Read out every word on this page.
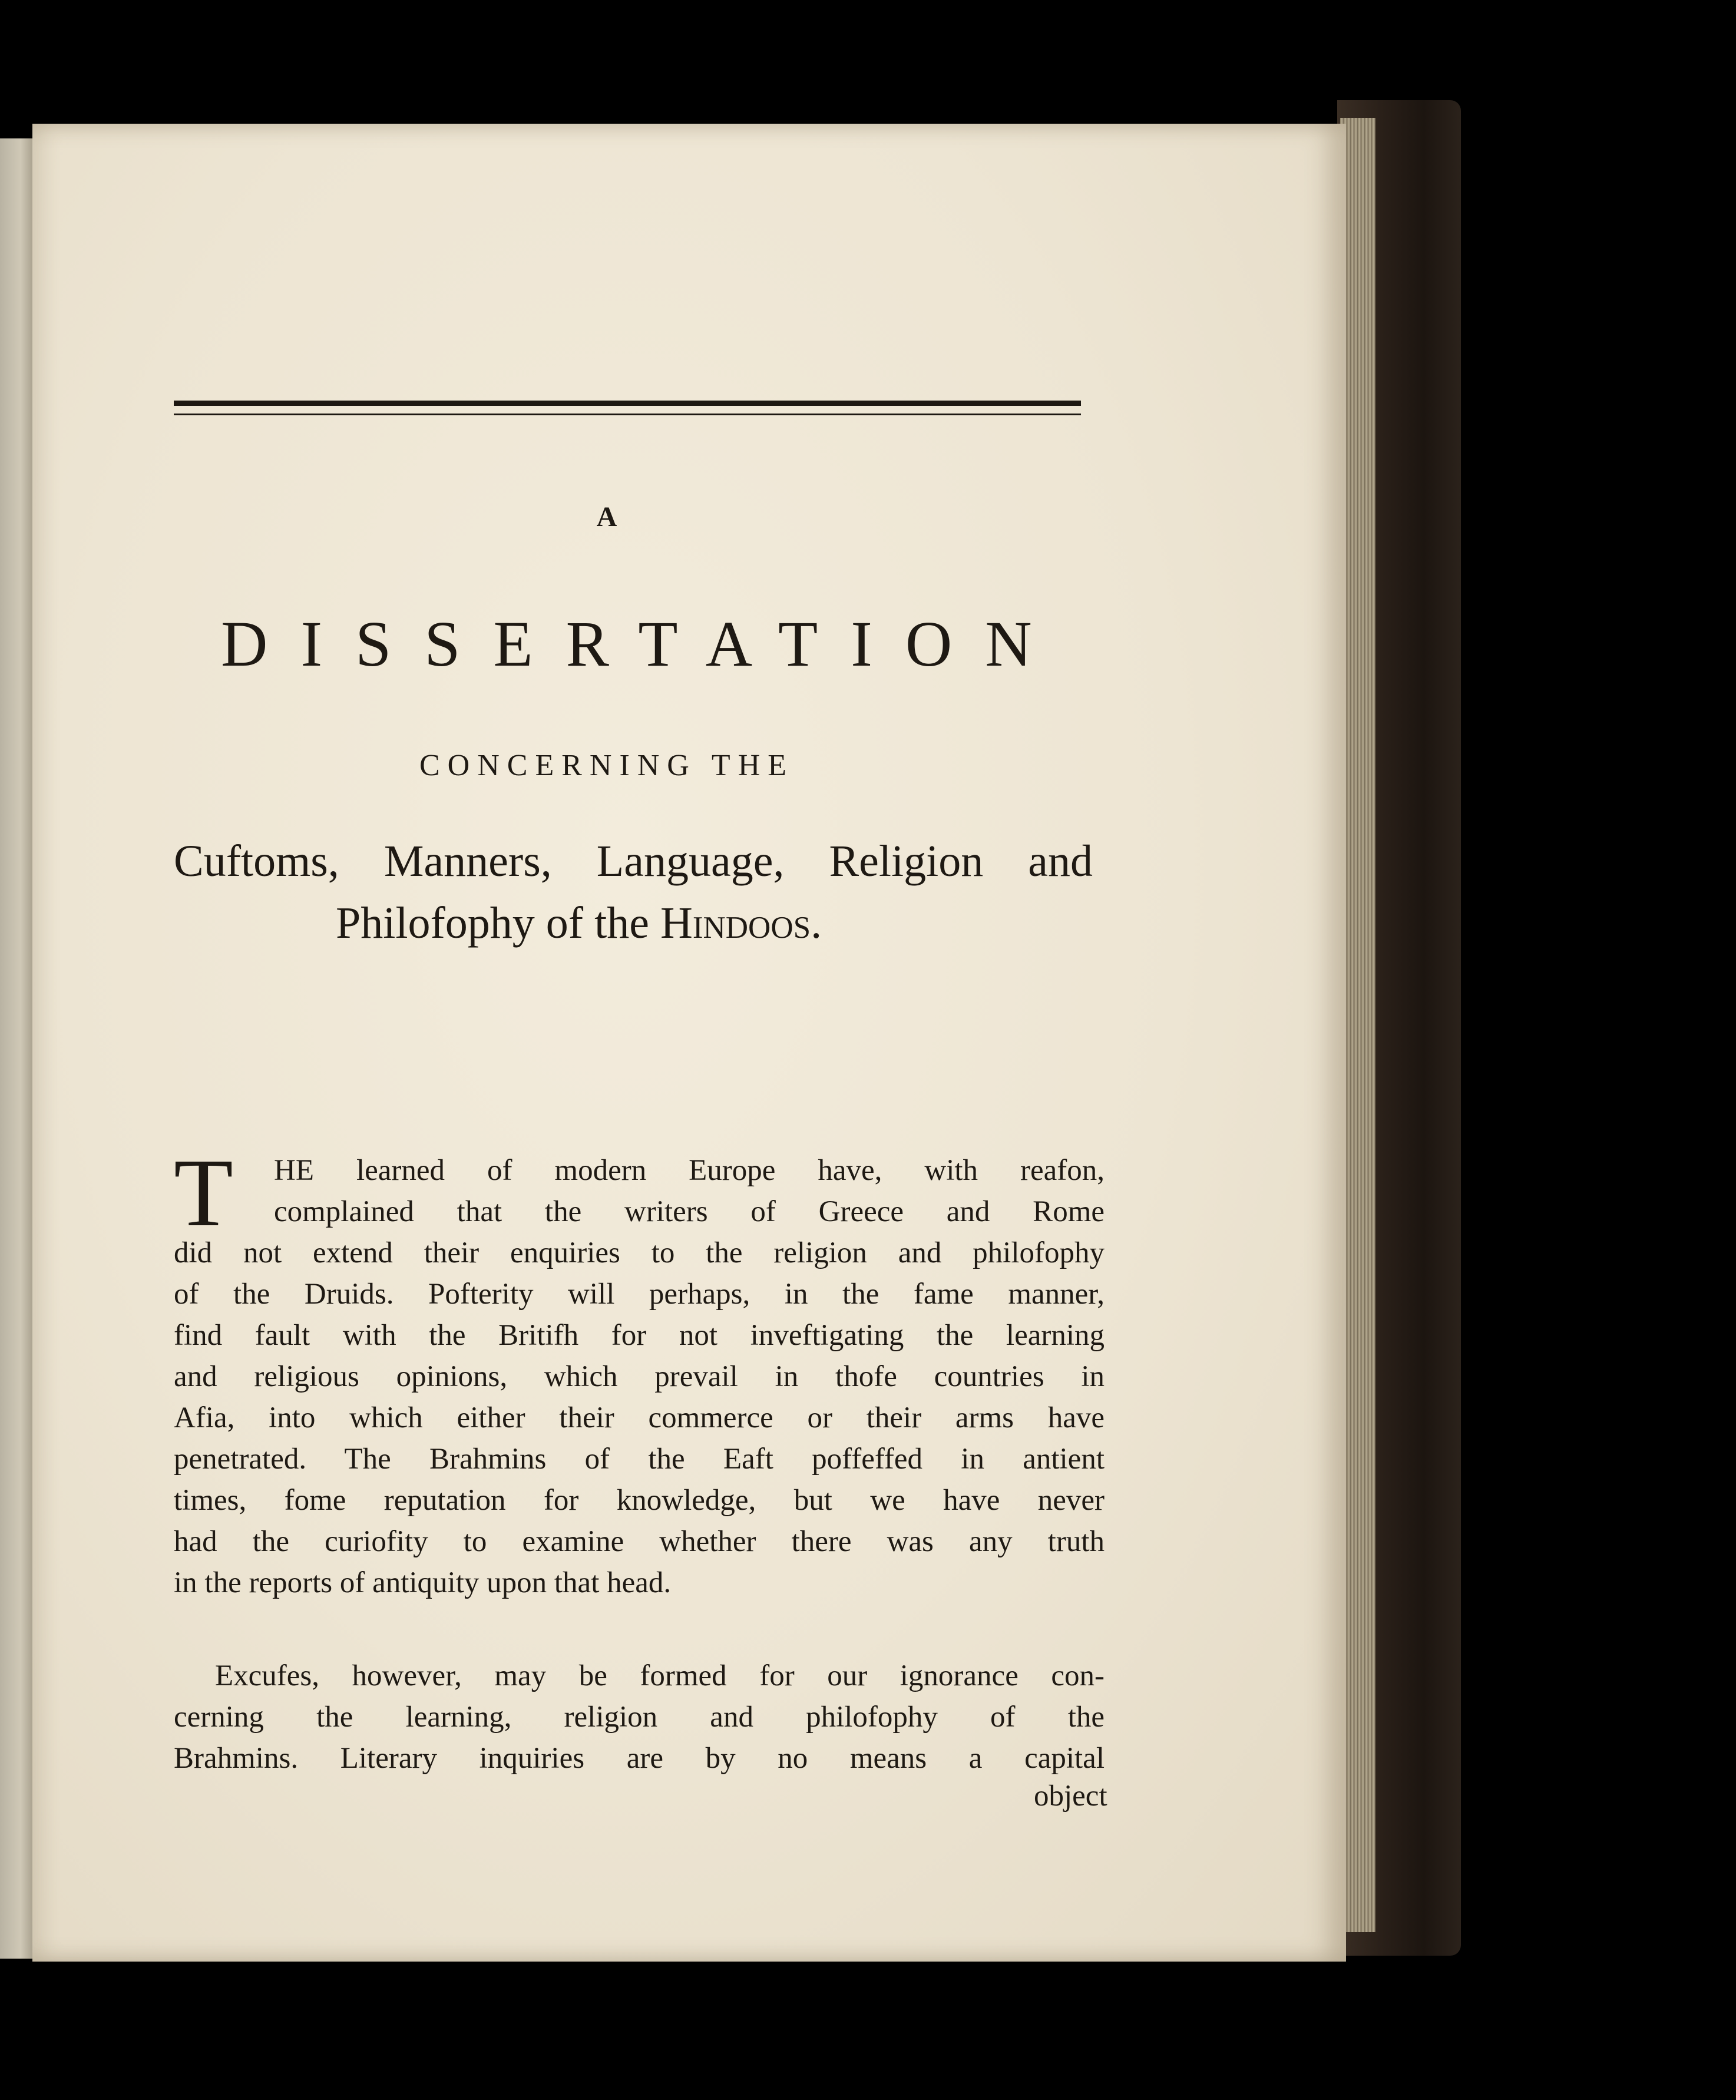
A

DISSERTATION

CONCERNING THE

Cuftoms, Manners, Language, Religion and
Philofophy of the Hindoos.
T	HE learned of modern Europe have, with reafon,
complained that the writers of Greece and Rome
did not extend their enquiries to the religion and philofophy
of the Druids. Pofterity will perhaps, in the fame manner,
find fault with the Britifh for not inveftigating the learning
and religious opinions, which prevail in thofe countries in
Afia, into which either their commerce or their arms have
penetrated. The Brahmins of the Eaft poffeffed in antient
times, fome reputation for knowledge, but we have never
had the curiofity to examine whether there was any truth
in the reports of antiquity upon that head.
Excufes, however, may be formed for our ignorance con-
cerning the learning, religion and philofophy of the
Brahmins. Literary inquiries are by no means a capital

object
